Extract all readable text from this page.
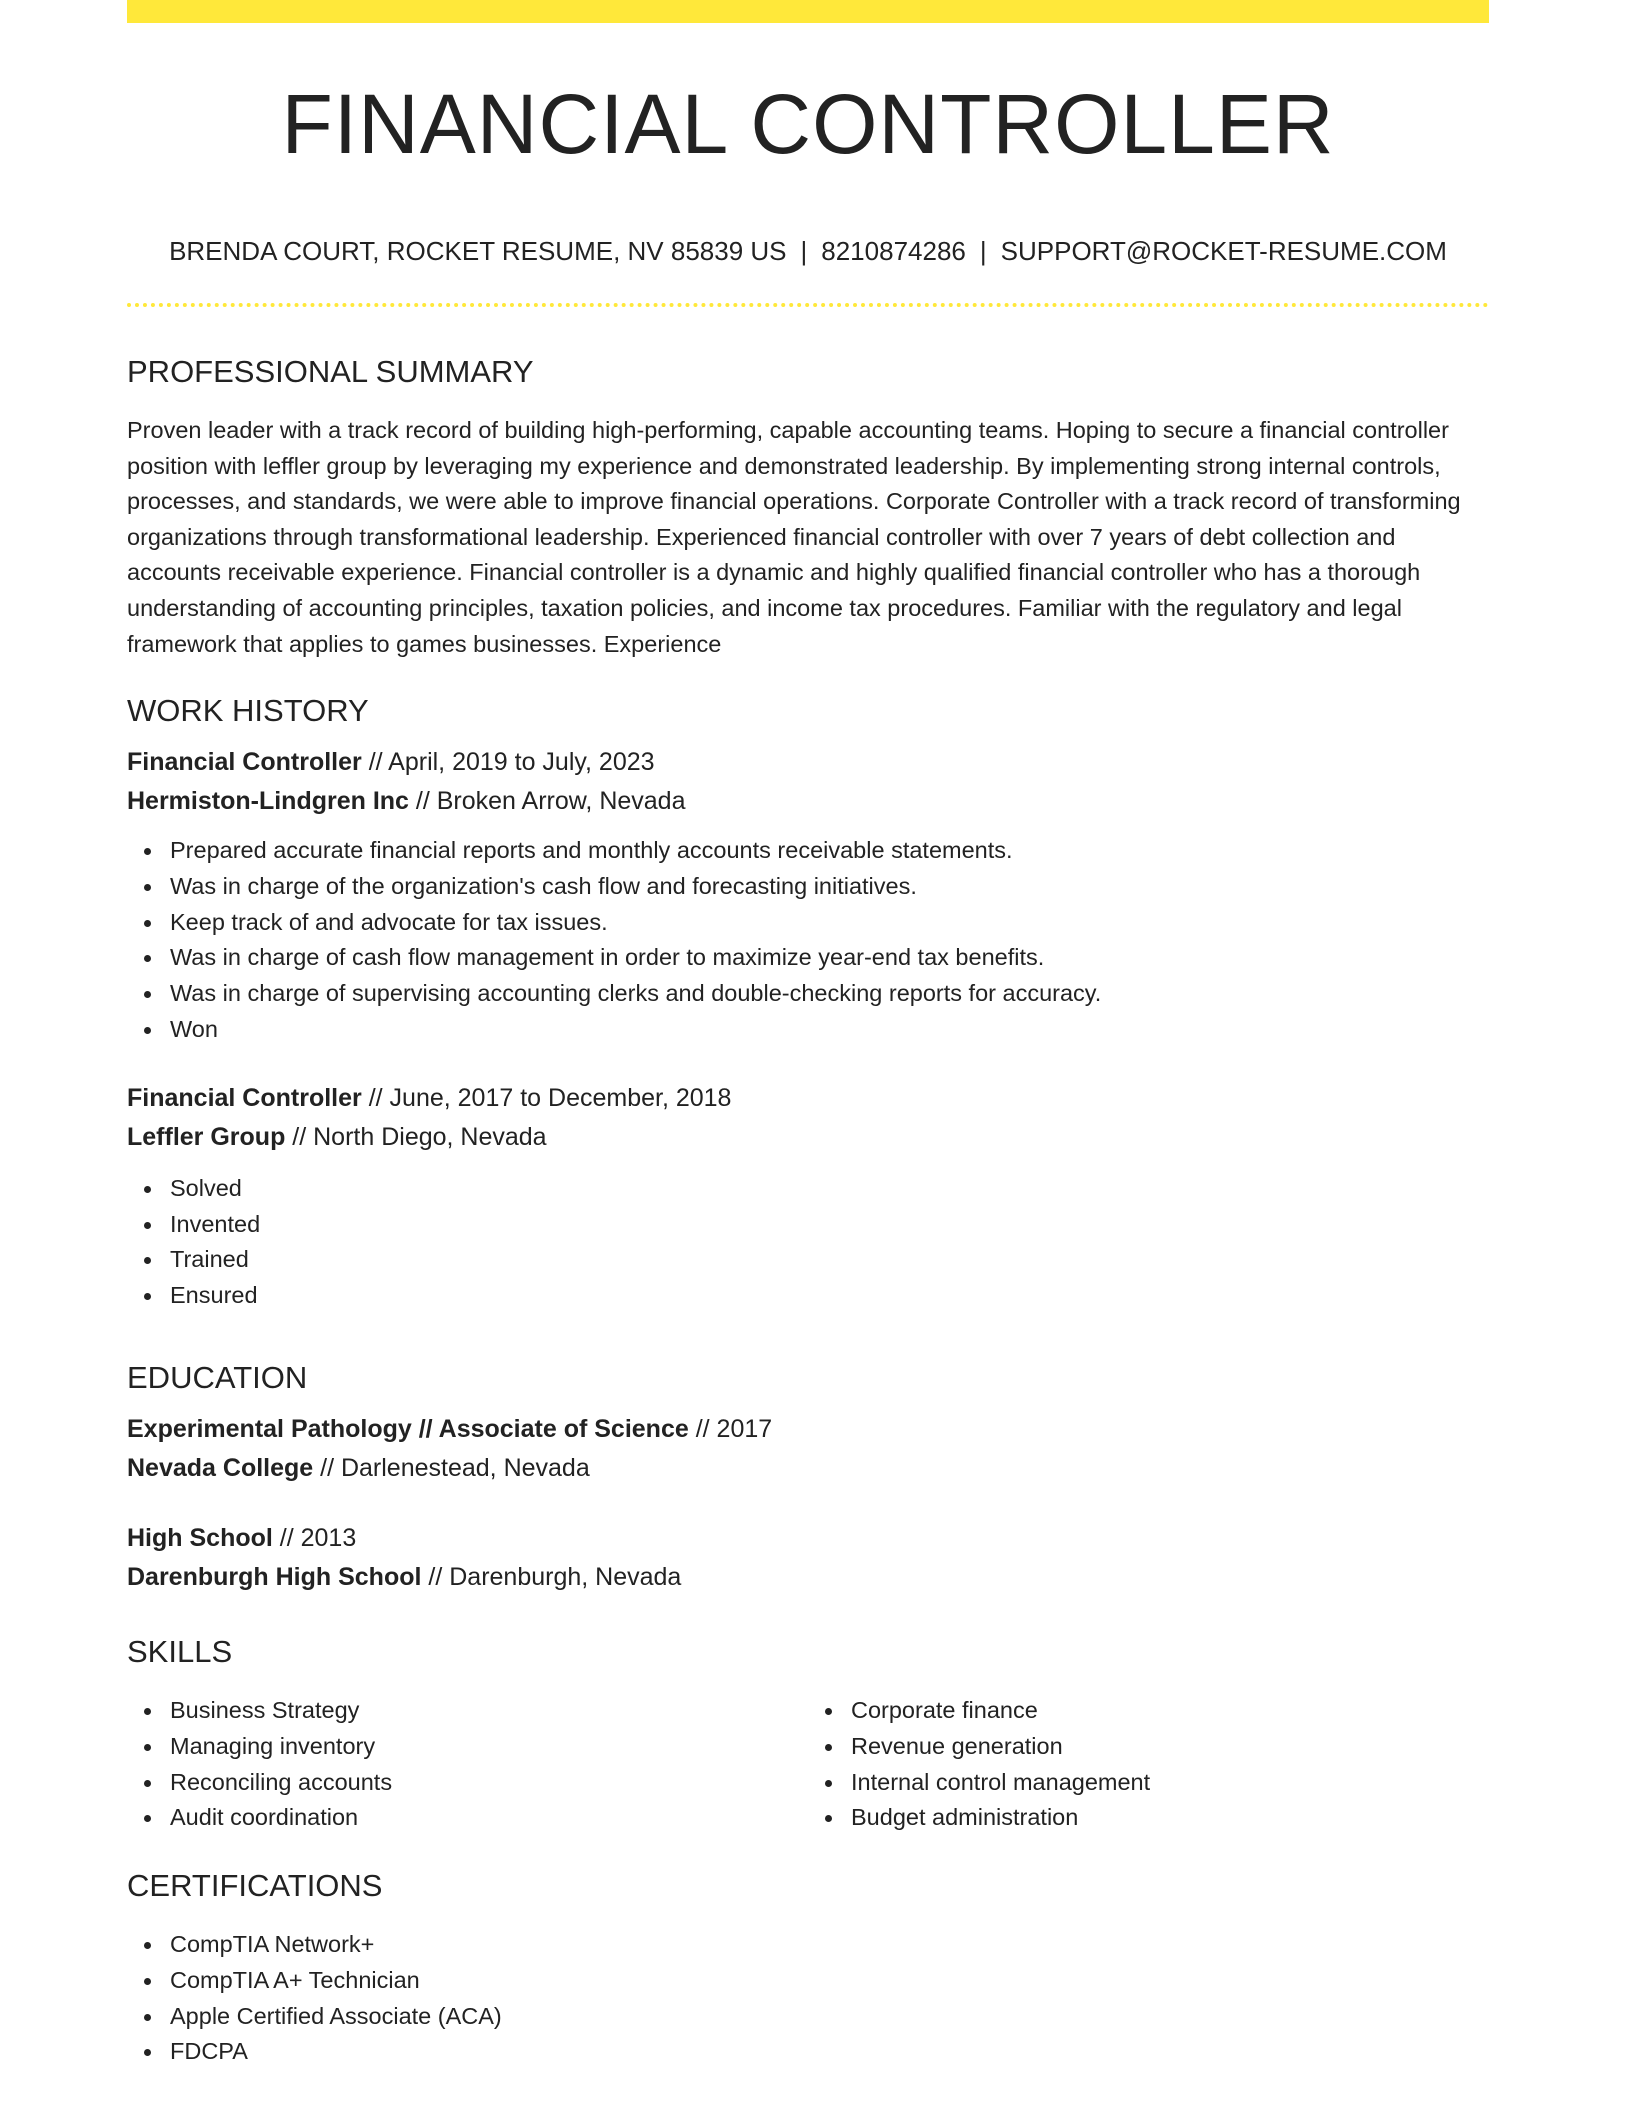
FINANCIAL CONTROLLER
BRENDA COURT, ROCKET RESUME, NV 85839 US | 8210874286 | SUPPORT@ROCKET-RESUME.COM
PROFESSIONAL SUMMARY

Proven leader with a track record of building high-performing, capable accounting teams. Hoping to secure a financial controller position with leffler group by leveraging my experience and demonstrated leadership. By implementing strong internal controls, processes, and standards, we were able to improve financial operations. Corporate Controller with a track record of transforming organizations through transformational leadership. Experienced financial controller with over 7 years of debt collection and accounts receivable experience. Financial controller is a dynamic and highly qualified financial controller who has a thorough understanding of accounting principles, taxation policies, and income tax procedures. Familiar with the regulatory and legal framework that applies to games businesses. Experience

WORK HISTORY
Financial Controller // April, 2019 to July, 2023
Hermiston-Lindgren Inc // Broken Arrow, Nevada
Prepared accurate financial reports and monthly accounts receivable statements.
Was in charge of the organization's cash flow and forecasting initiatives.
Keep track of and advocate for tax issues.
Was in charge of cash flow management in order to maximize year-end tax benefits.
Was in charge of supervising accounting clerks and double-checking reports for accuracy.
Won
Financial Controller // June, 2017 to December, 2018
Leffler Group // North Diego, Nevada
Solved
Invented
Trained
Ensured
EDUCATION
Experimental Pathology // Associate of Science // 2017
Nevada College // Darlenestead, Nevada
High School // 2013
Darenburgh High School // Darenburgh, Nevada
SKILLS
Business Strategy
Managing inventory
Reconciling accounts
Audit coordination
Corporate finance
Revenue generation
Internal control management
Budget administration
CERTIFICATIONS
CompTIA Network+
CompTIA A+ Technician
Apple Certified Associate (ACA)
FDCPA
